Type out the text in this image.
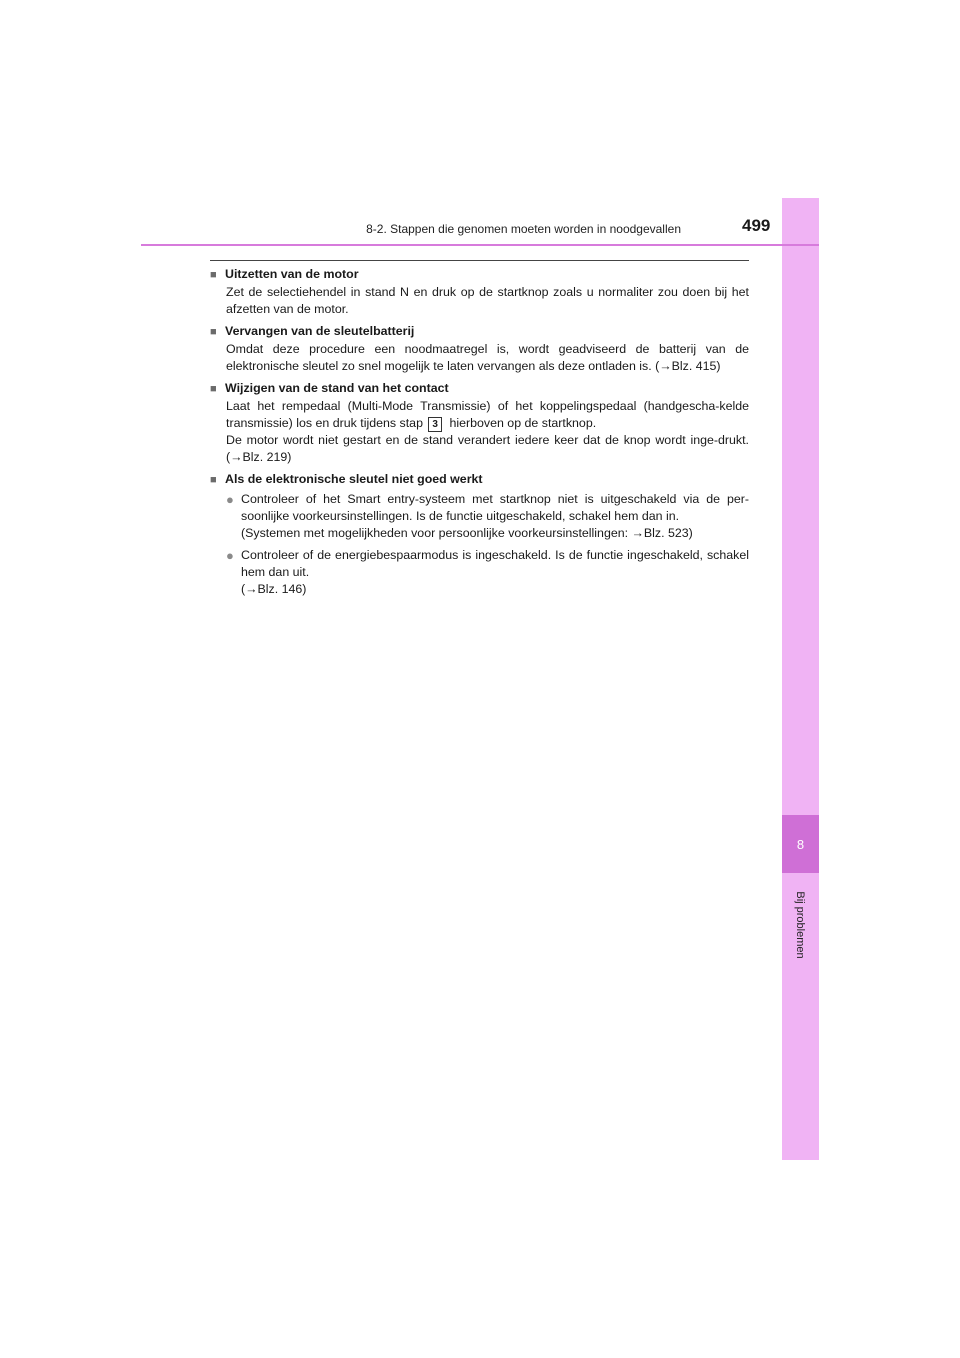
8
Bij problemen
8-2. Stappen die genomen moeten worden in noodgevallen	499
■ Uitzetten van de motor

Zet de selectiehendel in stand N en druk op de startknop zoals u normaliter zou doen bij het afzetten van de motor.

■ Vervangen van de sleutelbatterij

Omdat deze procedure een noodmaatregel is, wordt geadviseerd de batterij van de elektronische sleutel zo snel mogelijk te laten vervangen als deze ontladen is. (→Blz. 415)

■ Wijzigen van de stand van het contact

Laat het rempedaal (Multi-Mode Transmissie) of het koppelingspedaal (handgescha-kelde transmissie) los en druk tijdens stap 3 hierboven op de startknop.

De motor wordt niet gestart en de stand verandert iedere keer dat de knop wordt inge-drukt. (→Blz. 219)

■ Als de elektronische sleutel niet goed werkt
● Controleer of het Smart entry-systeem met startknop niet is uitgeschakeld via de per-soonlijke voorkeursinstellingen. Is de functie uitgeschakeld, schakel hem dan in.

(Systemen met mogelijkheden voor persoonlijke voorkeursinstellingen: →Blz. 523)

● Controleer of de energiebespaarmodus is ingeschakeld. Is de functie ingeschakeld, schakel hem dan uit.

(→Blz. 146)
